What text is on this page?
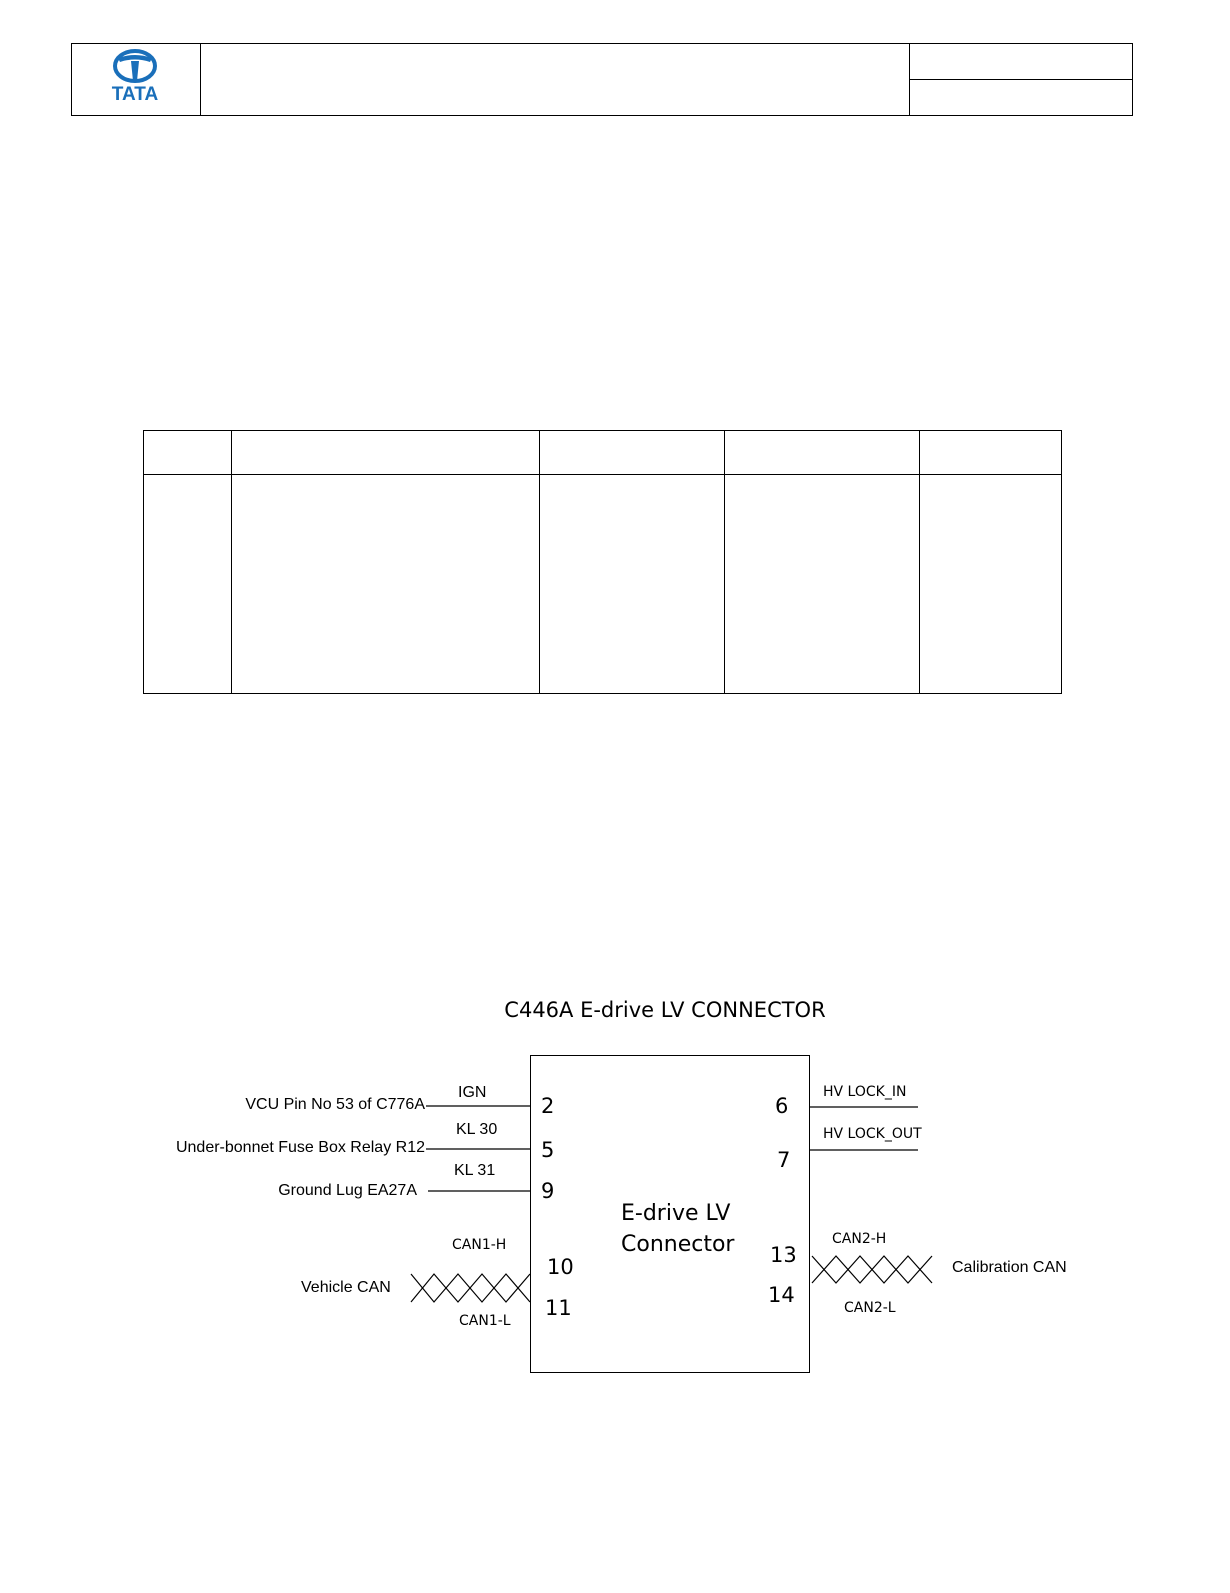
TATA
C446A E-drive LV CONNECTOR
E-drive LV
Connector
VCU Pin No 53 of C776A
Under-bonnet Fuse Box Relay R12
Ground Lug EA27A
IGN
KL 30
KL 31
2
5
9
CAN1-H
CAN1-L
Vehicle CAN
10
11
HV LOCK_IN
HV LOCK_OUT
6
7
CAN2-H
CAN2-L
Calibration CAN
13
14
